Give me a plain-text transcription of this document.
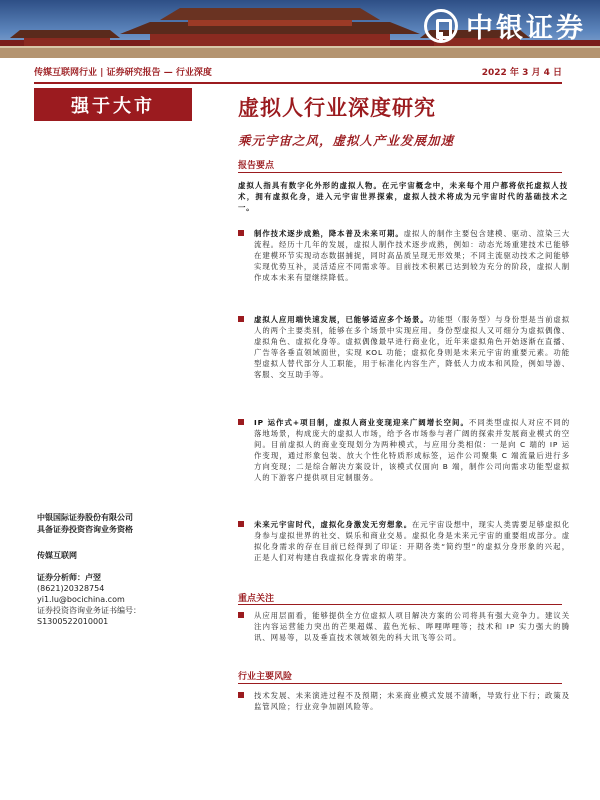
中银证券
传媒互联网行业 | 证券研究报告 — 行业深度	2022 年 3 月 4 日
强于大市	虚拟人行业深度研究
乘元宇宙之风，虚拟人产业发展加速
报告要点
虚拟人指具有数字化外形的虚拟人物。在元宇宙概念中，未来每个用户都将依托虚拟人技术，拥有虚拟化身，进入元宇宙世界探索，虚拟人技术将成为元宇宙时代的基础技术之一。
制作技术逐步成熟，降本普及未来可期。虚拟人的制作主要包含建模、驱动、渲染三大流程。经历十几年的发展，虚拟人制作技术逐步成熟，例如：动态光场重建技术已能够在建模环节实现动态数据捕捉，同时高品质呈现无形效果；不同主流驱动技术之间能够实现优势互补，灵活适应不同需求等。目前技术积累已达到较为充分的阶段，虚拟人制作成本未来有望继续降低。
虚拟人应用端快速发展，已能够适应多个场景。功能型（服务型）与身份型是当前虚拟人的两个主要类别，能够在多个场景中实现应用。身份型虚拟人又可细分为虚拟偶像、虚拟角色、虚拟化身等。虚拟偶像最早进行商业化，近年来虚拟角色开始逐渐在直播、广告等各垂直领域面世，实现 KOL 功能；虚拟化身则是未来元宇宙的重要元素。功能型虚拟人替代部分人工职能，用于标准化内容生产，降低人力成本和风险，例如导游、客服、交互助手等。
IP 运作式+项目制，虚拟人商业变现迎来广阔增长空间。不同类型虚拟人对应不同的落地场景，构成庞大的虚拟人市场，给予各市场参与者广阔的探索并发展商业模式的空间。目前虚拟人的商业变现划分为两种模式，与应用分类相似：一是向 C 端的 IP 运作变现，通过形象包装、放大个性化特质形成标签，运作公司聚集 C 端流量后进行多方向变现；二是综合解决方案设计，该模式仅面向 B 端，制作公司向需求功能型虚拟人的下游客户提供项目定制服务。
未来元宇宙时代，虚拟化身激发无穷想象。在元宇宙设想中，现实人类需要足够虚拟化身参与虚拟世界的社交、娱乐和商业交易。虚拟化身是未来元宇宙的重要组成部分。虚拟化身需求的存在目前已经得到了印证：开期各类“简约型”的虚拟分身形象的兴起，正是人们对构建自我虚拟化身需求的萌芽。
重点关注
从应用层面看，能够提供全方位虚拟人项目解决方案的公司将具有强大竞争力。建议关注内容运营能力突出的芒果超媒、蓝色光标、哔哩哔哩等；技术和 IP 实力强大的腾讯、网易等，以及垂直技术领域领先的科大讯飞等公司。
行业主要风险
技术发展、未来演进过程不及预期；未来商业模式发展不清晰，导致行业下行；政策及监管风险；行业竞争加剧风险等。
中银国际证券股份有限公司
具备证券投资咨询业务资格
传媒互联网
证券分析师：卢翌
(8621)20328754
yi1.lu@bocichina.com
证券投资咨询业务证书编号：S1300522010001
